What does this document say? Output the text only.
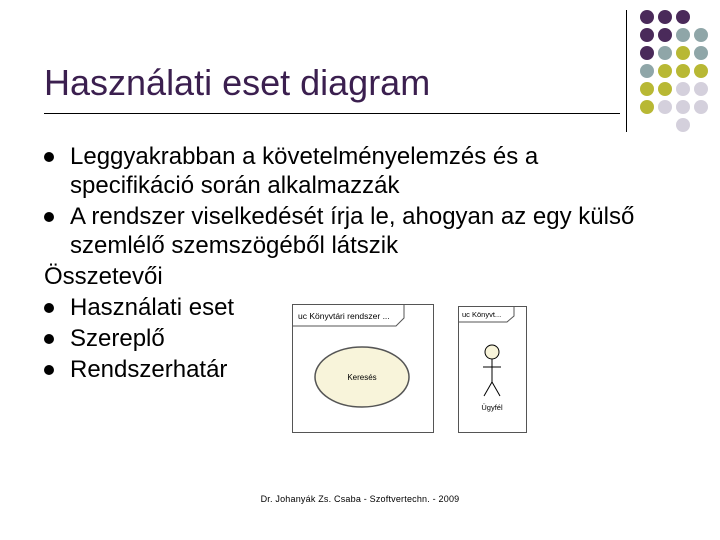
Használati eset diagram
Leggyakrabban a követelményelemzés és a specifikáció során alkalmazzák
A rendszer viselkedését írja le, ahogyan az egy külső szemlélő szemszögéből látszik
Összetevői
Használati eset
Szereplő
Rendszerhatár
uc Könyvtári rendszer ...
Keresés
uc Könyvt...
Ügyfél
Dr. Johanyák Zs. Csaba - Szoftvertechn. - 2009
